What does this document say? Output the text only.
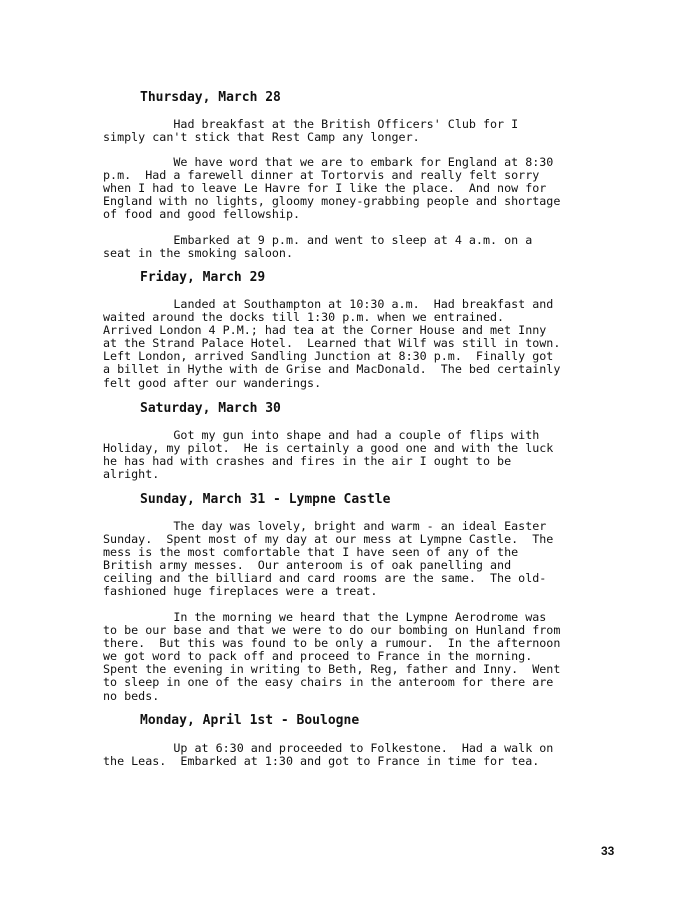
Thursday, March 28
Had breakfast at the British Officers' Club for I
simply can't stick that Rest Camp any longer.
We have word that we are to embark for England at 8:30
p.m.  Had a farewell dinner at Tortorvis and really felt sorry
when I had to leave Le Havre for I like the place.  And now for
England with no lights, gloomy money-grabbing people and shortage
of food and good fellowship.
Embarked at 9 p.m. and went to sleep at 4 a.m. on a
seat in the smoking saloon.
Friday, March 29
Landed at Southampton at 10:30 a.m.  Had breakfast and
waited around the docks till 1:30 p.m. when we entrained.
Arrived London 4 P.M.; had tea at the Corner House and met Inny
at the Strand Palace Hotel.  Learned that Wilf was still in town.
Left London, arrived Sandling Junction at 8:30 p.m.  Finally got
a billet in Hythe with de Grise and MacDonald.  The bed certainly
felt good after our wanderings.
Saturday, March 30
Got my gun into shape and had a couple of flips with
Holiday, my pilot.  He is certainly a good one and with the luck
he has had with crashes and fires in the air I ought to be
alright.
Sunday, March 31 - Lympne Castle
The day was lovely, bright and warm - an ideal Easter
Sunday.  Spent most of my day at our mess at Lympne Castle.  The
mess is the most comfortable that I have seen of any of the
British army messes.  Our anteroom is of oak panelling and
ceiling and the billiard and card rooms are the same.  The old-
fashioned huge fireplaces were a treat.
In the morning we heard that the Lympne Aerodrome was
to be our base and that we were to do our bombing on Hunland from
there.  But this was found to be only a rumour.  In the afternoon
we got word to pack off and proceed to France in the morning.
Spent the evening in writing to Beth, Reg, father and Inny.  Went
to sleep in one of the easy chairs in the anteroom for there are
no beds.
Monday, April 1st - Boulogne
Up at 6:30 and proceeded to Folkestone.  Had a walk on
the Leas.  Embarked at 1:30 and got to France in time for tea.
33
